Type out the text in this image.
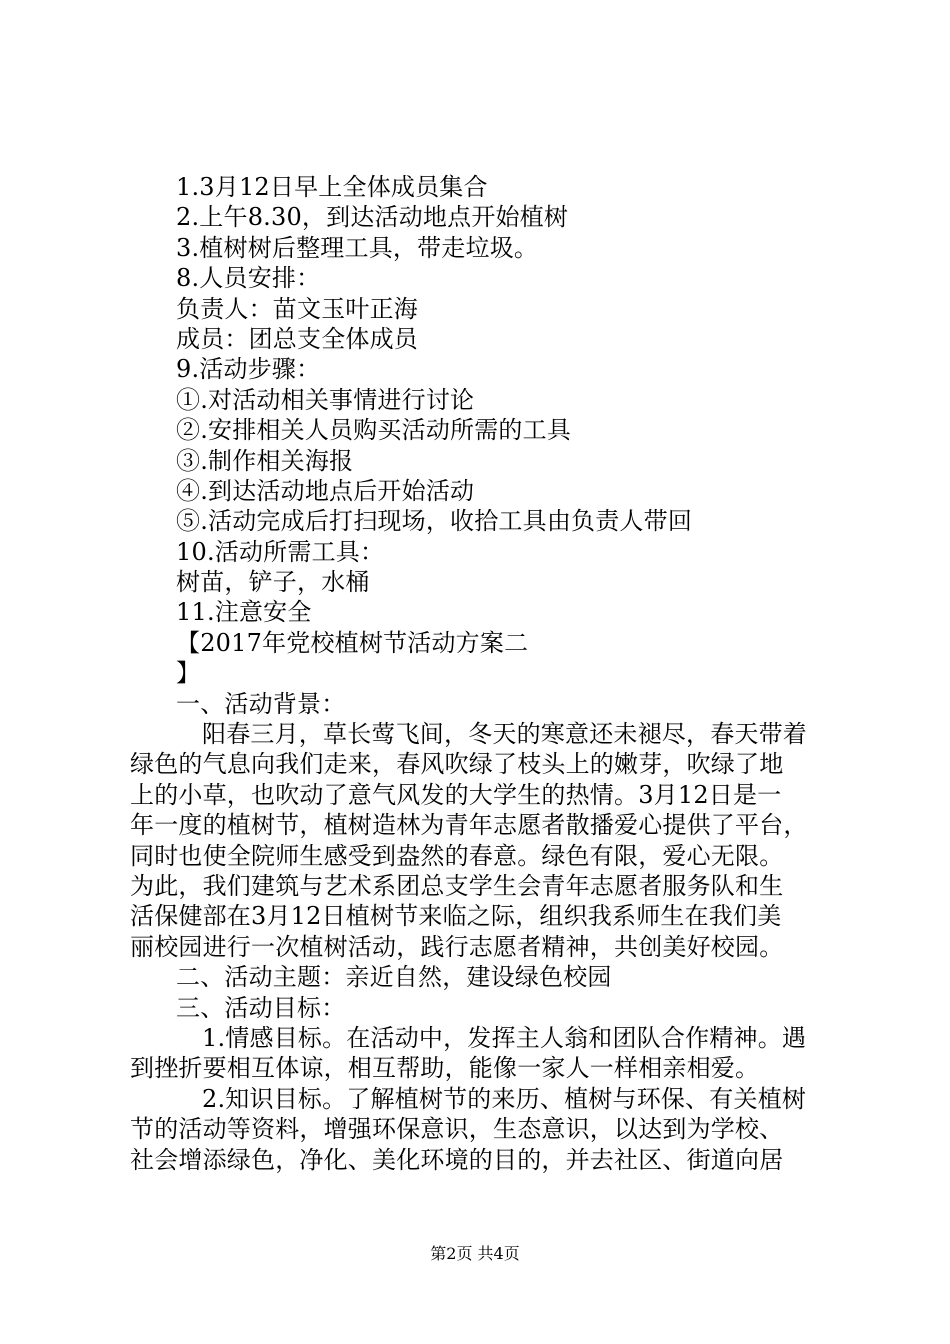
1.3月12日早上全体成员集合
2.上午8.30，到达活动地点开始植树
3.植树树后整理工具，带走垃圾。
8.人员安排：
负责人：苗文玉叶正海
成员：团总支全体成员
9.活动步骤：
①.对活动相关事情进行讨论
②.安排相关人员购买活动所需的工具
③.制作相关海报
④.到达活动地点后开始活动
⑤.活动完成后打扫现场，收拾工具由负责人带回
10.活动所需工具：
树苗，铲子，水桶
11.注意安全
【2017年党校植树节活动方案二
】
一、活动背景：
阳春三月，草长莺飞间，冬天的寒意还未褪尽，春天带着
绿色的气息向我们走来，春风吹绿了枝头上的嫩芽，吹绿了地
上的小草，也吹动了意气风发的大学生的热情。3月12日是一
年一度的植树节，植树造林为青年志愿者散播爱心提供了平台，
同时也使全院师生感受到盎然的春意。绿色有限，爱心无限。
为此，我们建筑与艺术系团总支学生会青年志愿者服务队和生
活保健部在3月12日植树节来临之际，组织我系师生在我们美
丽校园进行一次植树活动，践行志愿者精神，共创美好校园。
二、活动主题：亲近自然，建设绿色校园
三、活动目标：
1.情感目标。在活动中，发挥主人翁和团队合作精神。遇
到挫折要相互体谅，相互帮助，能像一家人一样相亲相爱。
2.知识目标。了解植树节的来历、植树与环保、有关植树
节的活动等资料，增强环保意识，生态意识，以达到为学校、
社会增添绿色，净化、美化环境的目的，并去社区、街道向居
第2页 共4页
